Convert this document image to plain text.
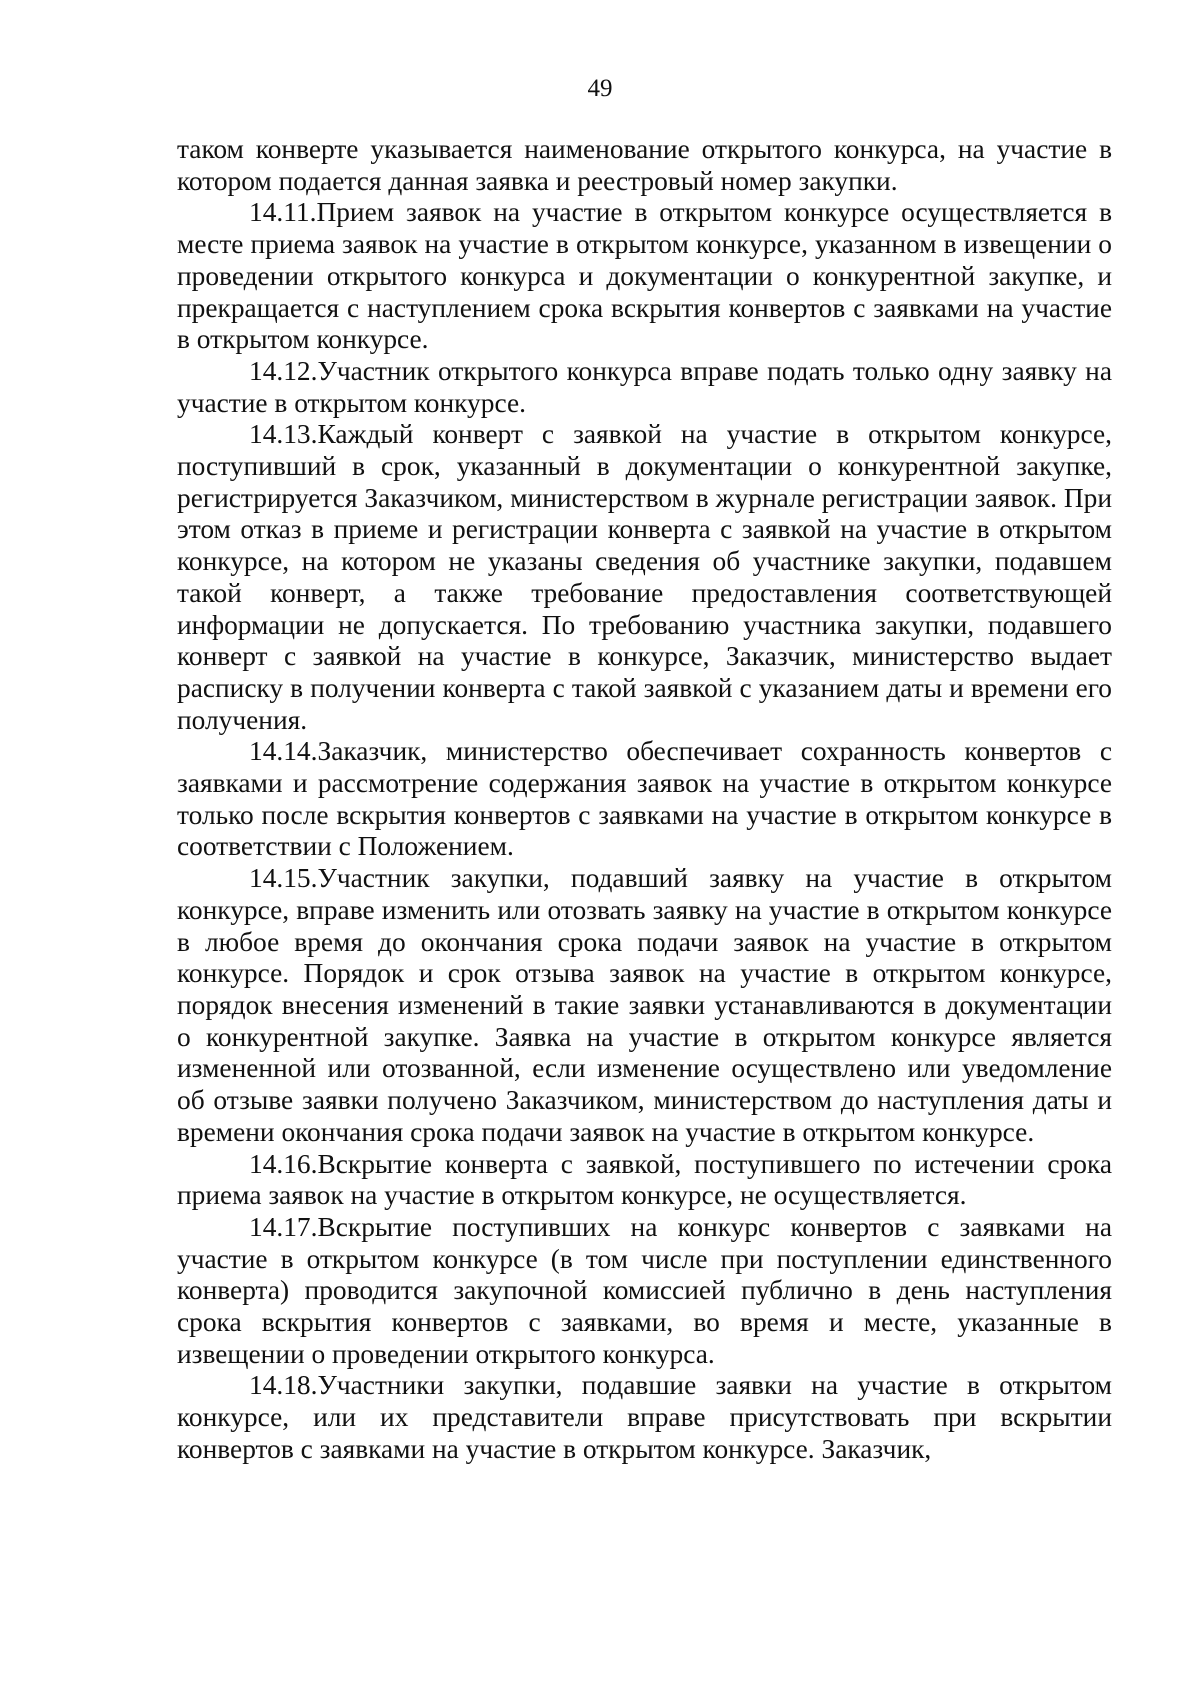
49

таком конверте указывается наименование открытого конкурса, на участие в котором подается данная заявка и реестровый номер закупки.

14.11.Прием заявок на участие в открытом конкурсе осуществляется в месте приема заявок на участие в открытом конкурсе, указанном в извещении о проведении открытого конкурса и документации о конкурентной закупке, и прекращается с наступлением срока вскрытия конвертов с заявками на участие в открытом конкурсе.

14.12.Участник открытого конкурса вправе подать только одну заявку на участие в открытом конкурсе.

14.13.Каждый конверт с заявкой на участие в открытом конкурсе, поступивший в срок, указанный в документации о конкурентной закупке, регистрируется Заказчиком, министерством в журнале регистрации заявок. При этом отказ в приеме и регистрации конверта с заявкой на участие в открытом конкурсе, на котором не указаны сведения об участнике закупки, подавшем такой конверт, а также требование предоставления соответствующей информации не допускается. По требованию участника закупки, подавшего конверт с заявкой на участие в конкурсе, Заказчик, министерство выдает расписку в получении конверта с такой заявкой с указанием даты и времени его получения.

14.14.Заказчик, министерство обеспечивает сохранность конвертов с заявками и рассмотрение содержания заявок на участие в открытом конкурсе только после вскрытия конвертов с заявками на участие в открытом конкурсе в соответствии с Положением.

14.15.Участник закупки, подавший заявку на участие в открытом конкурсе, вправе изменить или отозвать заявку на участие в открытом конкурсе в любое время до окончания срока подачи заявок на участие в открытом конкурсе. Порядок и срок отзыва заявок на участие в открытом конкурсе, порядок внесения изменений в такие заявки устанавливаются в документации о конкурентной закупке. Заявка на участие в открытом конкурсе является измененной или отозванной, если изменение осуществлено или уведомление об отзыве заявки получено Заказчиком, министерством до наступления даты и времени окончания срока подачи заявок на участие в открытом конкурсе.

14.16.Вскрытие конверта с заявкой, поступившего по истечении срока приема заявок на участие в открытом конкурсе, не осуществляется.

14.17.Вскрытие поступивших на конкурс конвертов с заявками на участие в открытом конкурсе (в том числе при поступлении единственного конверта) проводится закупочной комиссией публично в день наступления срока вскрытия конвертов с заявками, во время и месте, указанные в извещении о проведении открытого конкурса.

14.18.Участники закупки, подавшие заявки на участие в открытом конкурсе, или их представители вправе присутствовать при вскрытии конвертов с заявками на участие в открытом конкурсе. Заказчик,
